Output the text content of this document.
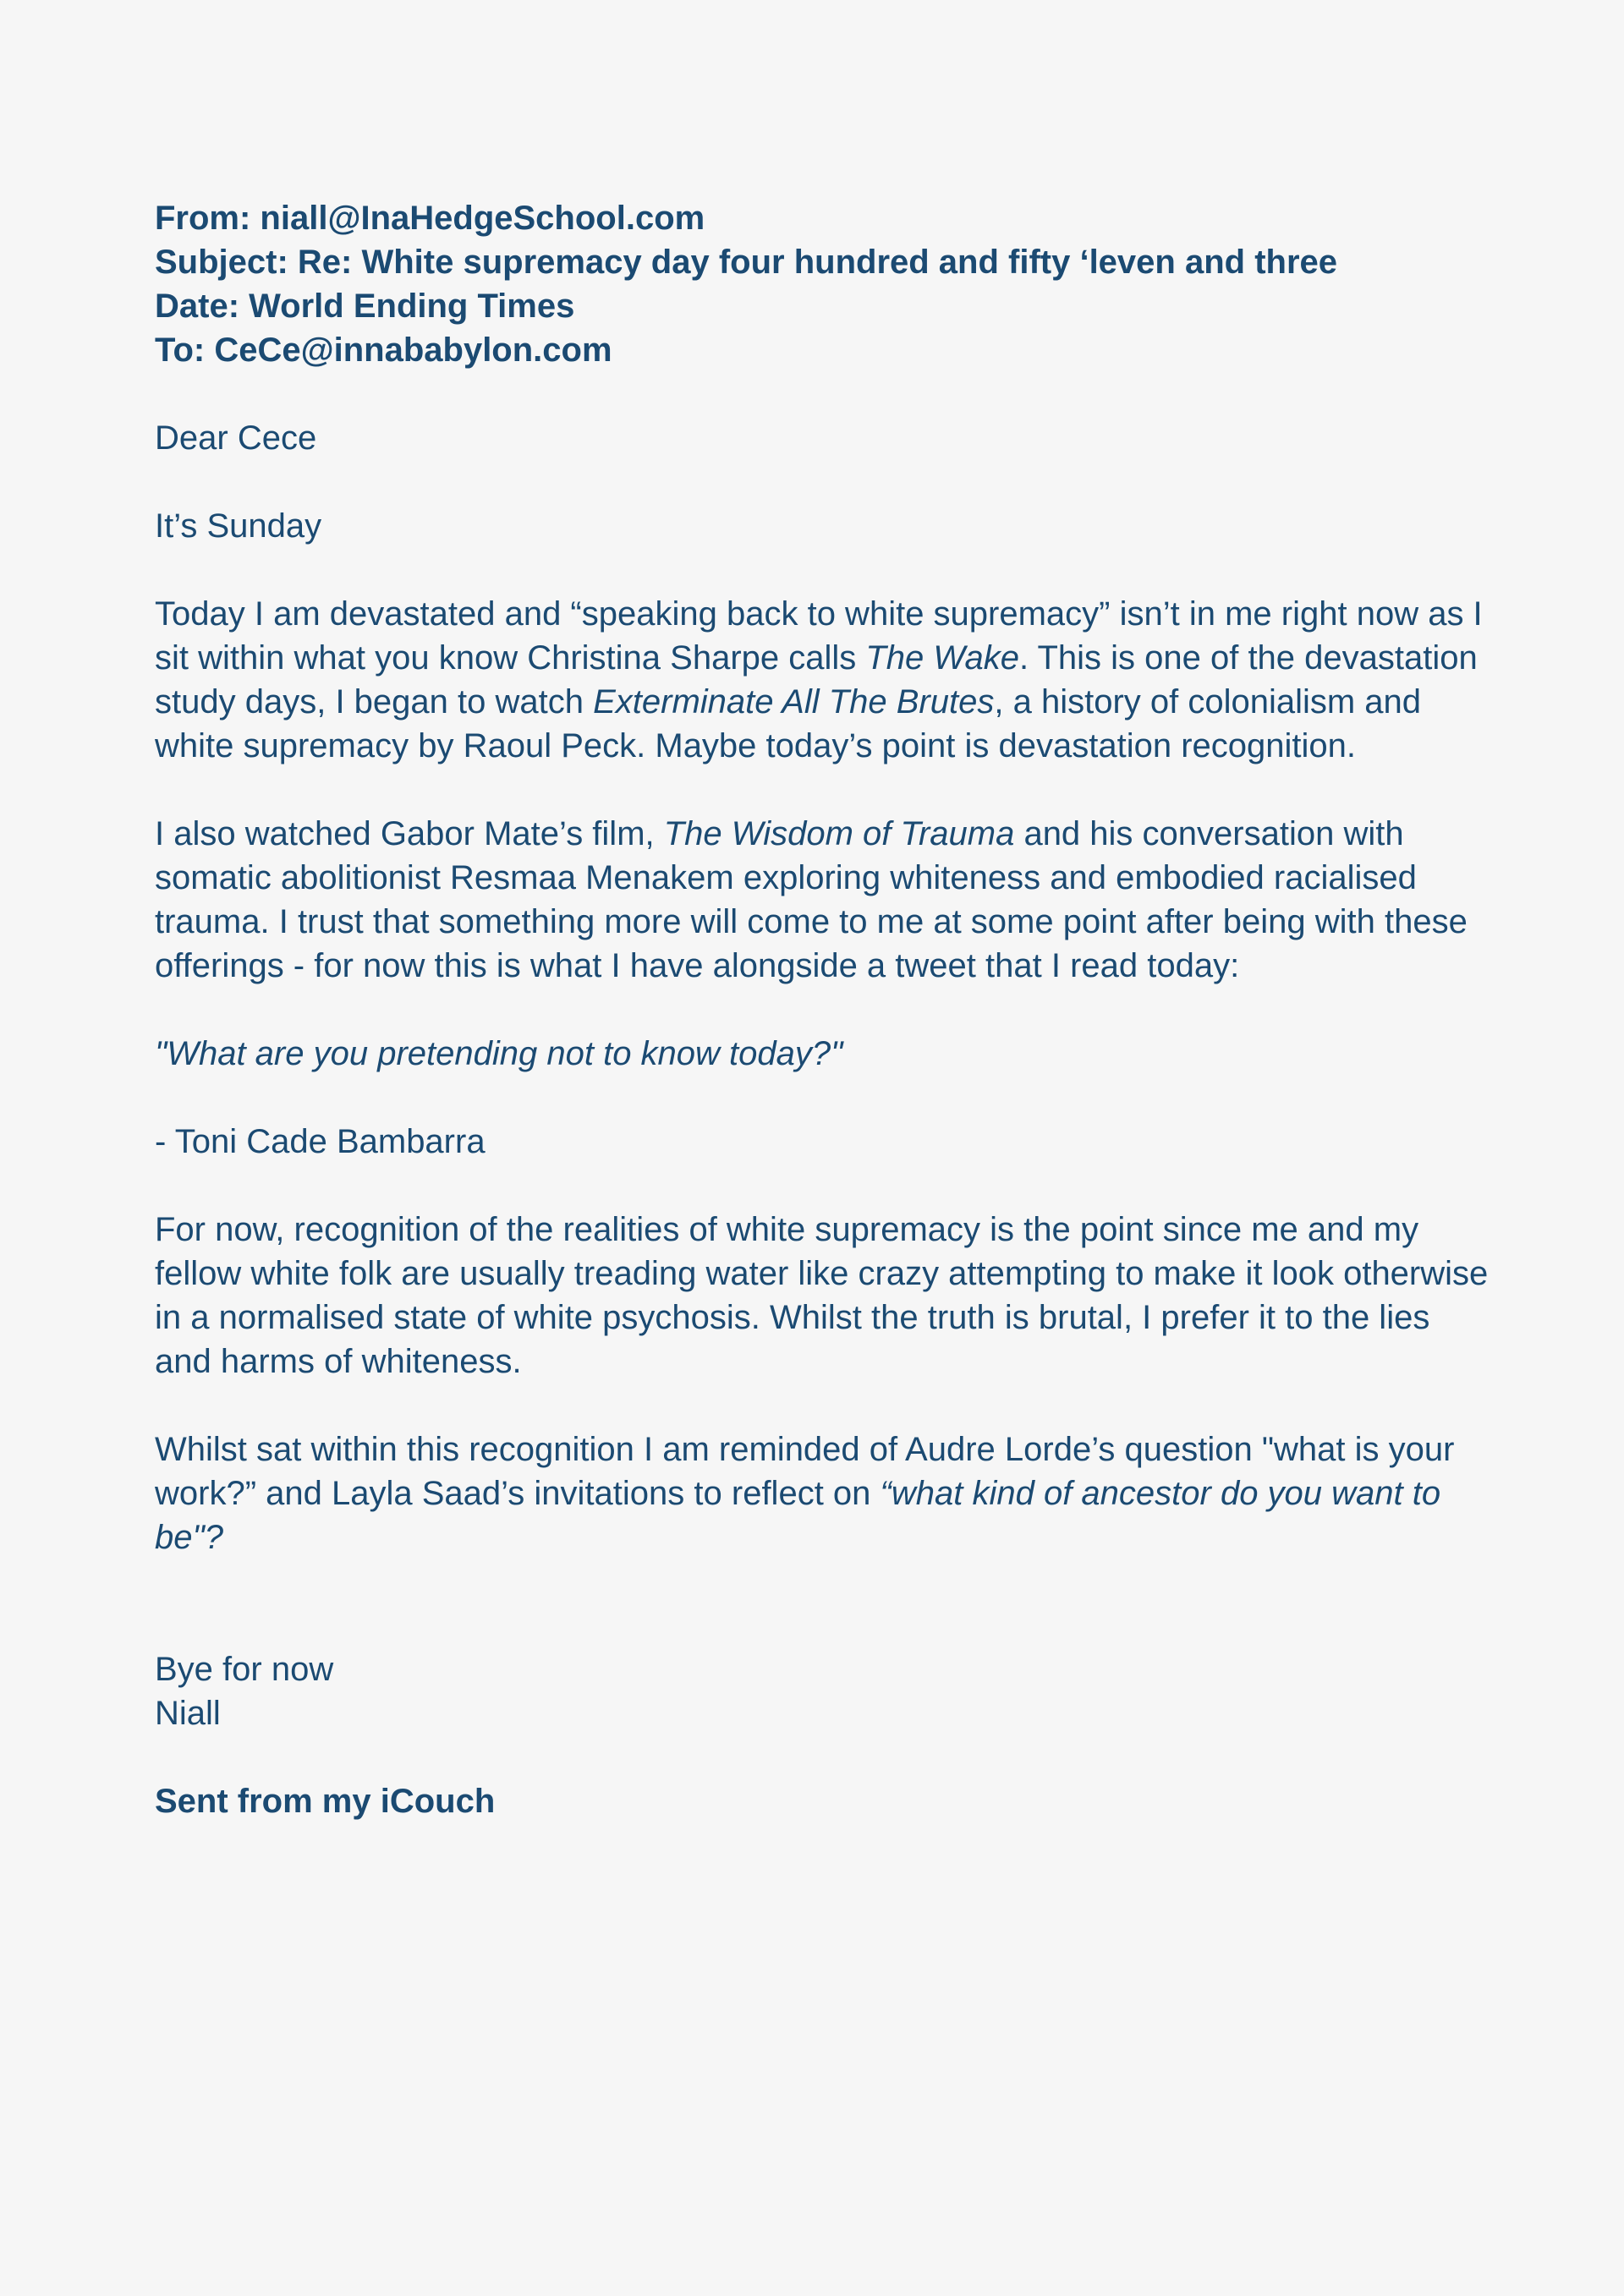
From: niall@InaHedgeSchool.com
Subject: Re: White supremacy day four hundred and fifty ‘leven and three
Date: World Ending Times
To: CeCe@innababylon.com

Dear Cece

It’s Sunday

Today I am devastated and “speaking back to white supremacy” isn’t in me right now as I sit within what you know Christina Sharpe calls The Wake. This is one of the devastation study days, I began to watch Exterminate All The Brutes, a history of colonialism and white supremacy by Raoul Peck. Maybe today’s point is devastation recognition.

I also watched Gabor Mate’s film, The Wisdom of Trauma and his conversation with somatic abolitionist Resmaa Menakem exploring whiteness and embodied racialised trauma. I trust that something more will come to me at some point after being with these offerings - for now this is what I have alongside a tweet that I read today:

"What are you pretending not to know today?"

- Toni Cade Bambarra

For now, recognition of the realities of white supremacy is the point since me and my fellow white folk are usually treading water like crazy attempting to make it look otherwise in a normalised state of white psychosis. Whilst the truth is brutal, I prefer it to the lies and harms of whiteness.

Whilst sat within this recognition I am reminded of Audre Lorde’s question "what is your work?” and Layla Saad’s invitations to reflect on “what kind of ancestor do you want to be"?

Bye for now

Niall

Sent from my iCouch
